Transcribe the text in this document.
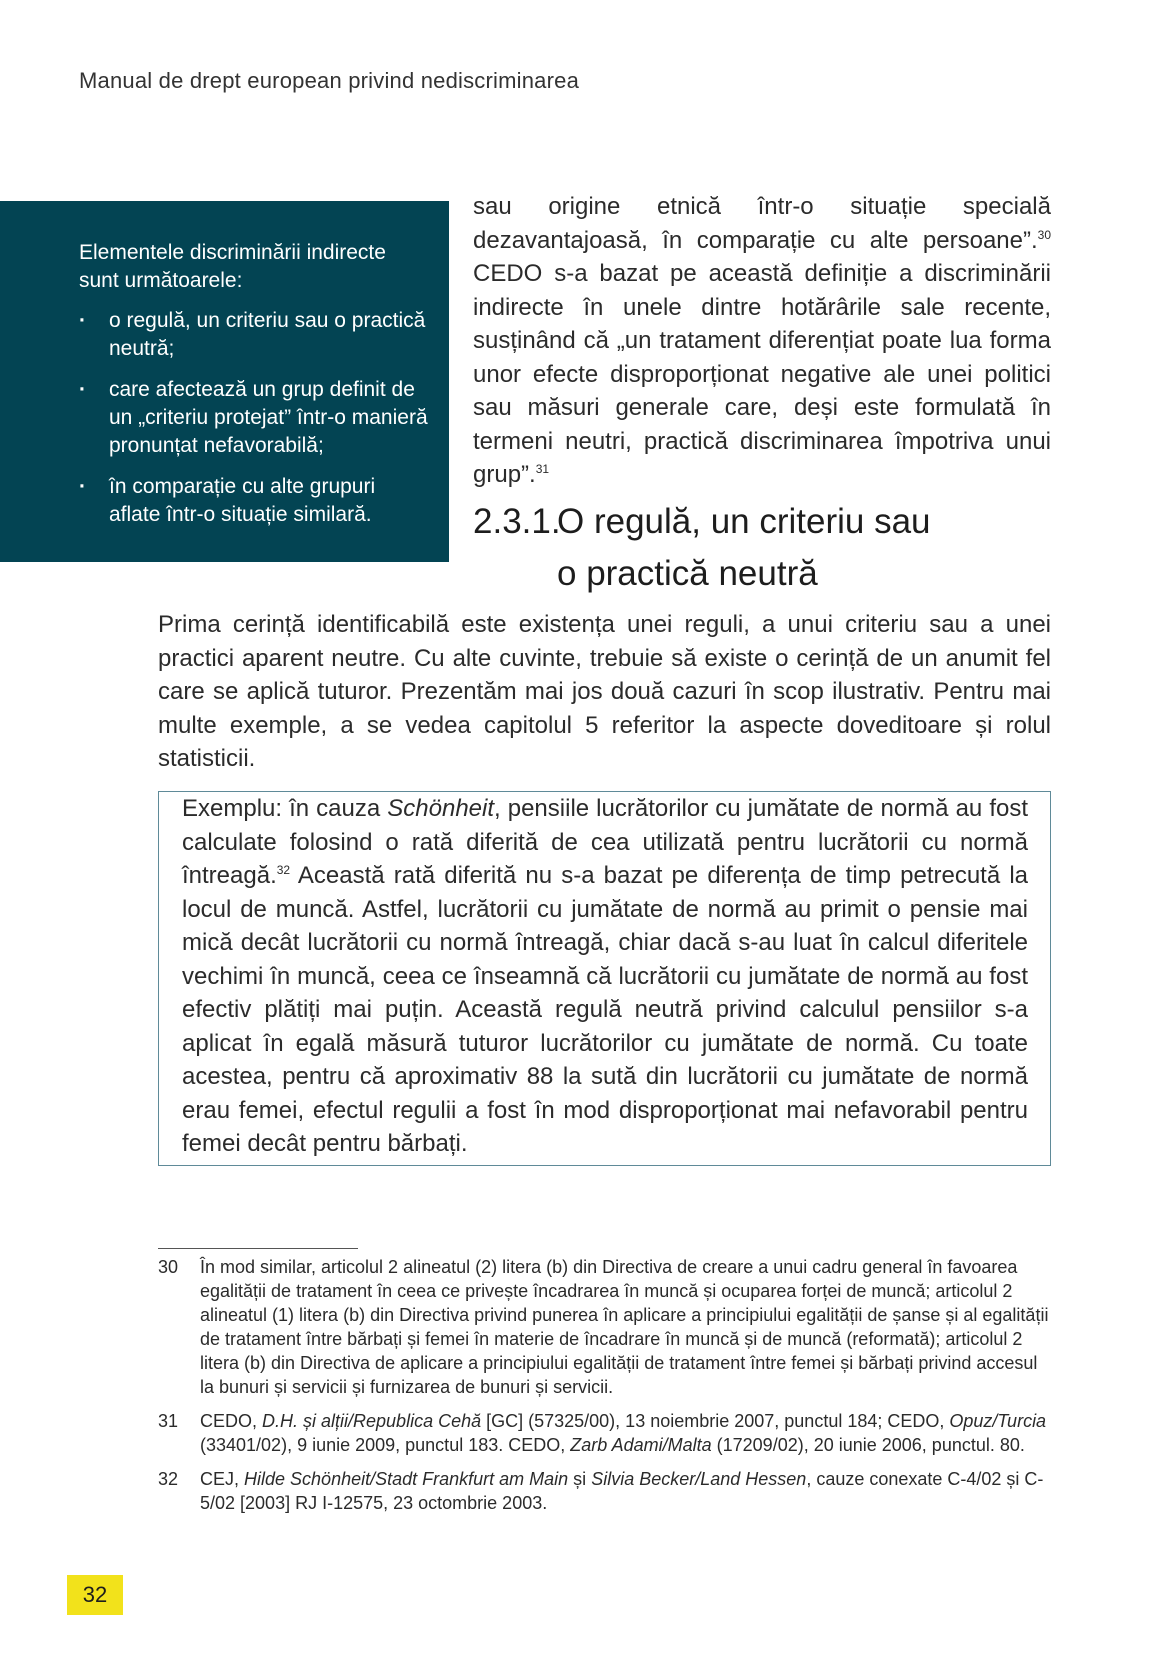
Manual de drept european privind nediscriminarea

Elementele discriminării indirecte sunt următoarele:

· o regulă, un criteriu sau o practică neutră;
· care afectează un grup definit de un „criteriu protejat” într-o manieră pronunțat nefavorabilă;
· în comparație cu alte grupuri aflate într-o situație similară.

sau origine etnică într-o situație specială dezavantajoasă, în comparație cu alte persoane”.$^{30}$ CEDO s-a bazat pe această definiție a discriminării indirecte în unele dintre hotărârile sale recente, susținând că „un tratament diferențiat poate lua forma unor efecte disproporționat negative ale unei politici sau măsuri generale care, deși este formulată în termeni neutri, practică discriminarea împotriva unui grup”.$^{31}$

2.3.1.O regulă, un criteriu sau
o practică neutră

Prima cerință identificabilă este existența unei reguli, a unui criteriu sau a unei practici aparent neutre. Cu alte cuvinte, trebuie să existe o cerință de un anumit fel care se aplică tuturor. Prezentăm mai jos două cazuri în scop ilustrativ. Pentru mai multe exemple, a se vedea capitolul 5 referitor la aspecte doveditoare și rolul statisticii.

Exemplu: în cauza Schönheit, pensiile lucrătorilor cu jumătate de normă au fost calculate folosind o rată diferită de cea utilizată pentru lucrătorii cu normă întreagă.$^{32}$ Această rată diferită nu s-a bazat pe diferența de timp petrecută la locul de muncă. Astfel, lucrătorii cu jumătate de normă au primit o pensie mai mică decât lucrătorii cu normă întreagă, chiar dacă s-au luat în calcul diferitele vechimi în muncă, ceea ce înseamnă că lucrătorii cu jumătate de normă au fost efectiv plătiți mai puțin. Această regulă neutră privind calculul pensiilor s-a aplicat în egală măsură tuturor lucrătorilor cu jumătate de normă. Cu toate acestea, pentru că aproximativ 88 la sută din lucrătorii cu jumătate de normă erau femei, efectul regulii a fost în mod disproporționat mai nefavorabil pentru femei decât pentru bărbați.
30 În mod similar, articolul 2 alineatul (2) litera (b) din Directiva de creare a unui cadru general în favoarea egalității de tratament în ceea ce privește încadrarea în muncă și ocuparea forței de muncă; articolul 2 alineatul (1) litera (b) din Directiva privind punerea în aplicare a principiului egalității de șanse și al egalității de tratament între bărbați și femei în materie de încadrare în muncă și de muncă (reformată); articolul 2 litera (b) din Directiva de aplicare a principiului egalității de tratament între femei și bărbați privind accesul la bunuri și servicii și furnizarea de bunuri și servicii.
31 CEDO, D.H. și alții/Republica Cehă [GC] (57325/00), 13 noiembrie 2007, punctul 184; CEDO, Opuz/Turcia (33401/02), 9 iunie 2009, punctul 183. CEDO, Zarb Adami/Malta (17209/02), 20 iunie 2006, punctul. 80.
32 CEJ, Hilde Schönheit/Stadt Frankfurt am Main și Silvia Becker/Land Hessen, cauze conexate C-4/02 și C-5/02 [2003] RJ I-12575, 23 octombrie 2003.
32
